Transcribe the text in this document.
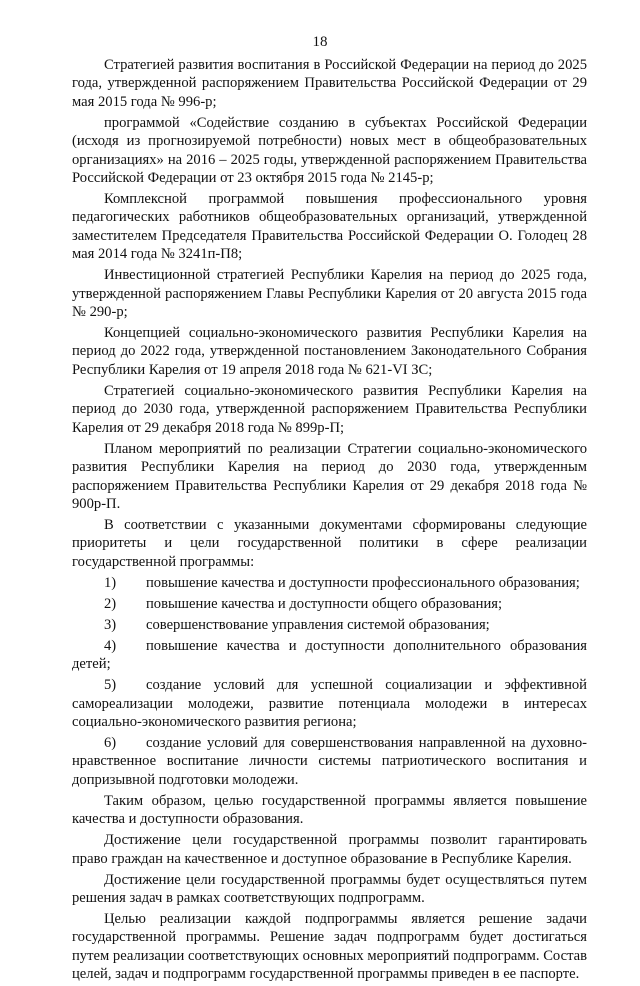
18

Стратегией развития воспитания в Российской Федерации на период до 2025 года, утвержденной распоряжением Правительства Российской Федерации от 29 мая 2015 года № 996-р;

программой «Содействие созданию в субъектах Российской Федерации (исходя из прогнозируемой потребности) новых мест в общеобразовательных организациях» на 2016 – 2025 годы, утвержденной распоряжением Правительства Российской Федерации от 23 октября 2015 года № 2145-р;

Комплексной программой повышения профессионального уровня педагогических работников общеобразовательных организаций, утвержденной заместителем Председателя Правительства Российской Федерации О. Голодец 28 мая 2014 года № 3241п-П8;

Инвестиционной стратегией Республики Карелия на период до 2025 года, утвержденной распоряжением Главы Республики Карелия от 20 августа 2015 года № 290-р;

Концепцией социально-экономического развития Республики Карелия на период до 2022 года, утвержденной постановлением Законодательного Собрания Республики Карелия от 19 апреля 2018 года № 621-VI ЗС;

Стратегией социально-экономического развития Республики Карелия на период до 2030 года, утвержденной распоряжением Правительства Республики Карелия от 29 декабря 2018 года № 899р-П;

Планом мероприятий по реализации Стратегии социально-экономического развития Республики Карелия на период до 2030 года, утвержденным распоряжением Правительства Республики Карелия от 29 декабря 2018 года № 900р-П.

В соответствии с указанными документами сформированы следующие приоритеты и цели государственной политики в сфере реализации государственной программы:

1) повышение качества и доступности профессионального образования;

2) повышение качества и доступности общего образования;

3) совершенствование управления системой образования;

4) повышение качества и доступности дополнительного образования детей;

5) создание условий для успешной социализации и эффективной самореализации молодежи, развитие потенциала молодежи в интересах социально-экономического развития региона;

6) создание условий для совершенствования направленной на духовно-нравственное воспитание личности системы патриотического воспитания и допризывной подготовки молодежи.

Таким образом, целью государственной программы является повышение качества и доступности образования.

Достижение цели государственной программы позволит гарантировать право граждан на качественное и доступное образование в Республике Карелия.

Достижение цели государственной программы будет осуществляться путем решения задач в рамках соответствующих подпрограмм.

Целью реализации каждой подпрограммы является решение задачи государственной программы. Решение задач подпрограмм будет достигаться путем реализации соответствующих основных мероприятий подпрограмм. Состав целей, задач и подпрограмм государственной программы приведен в ее паспорте.
